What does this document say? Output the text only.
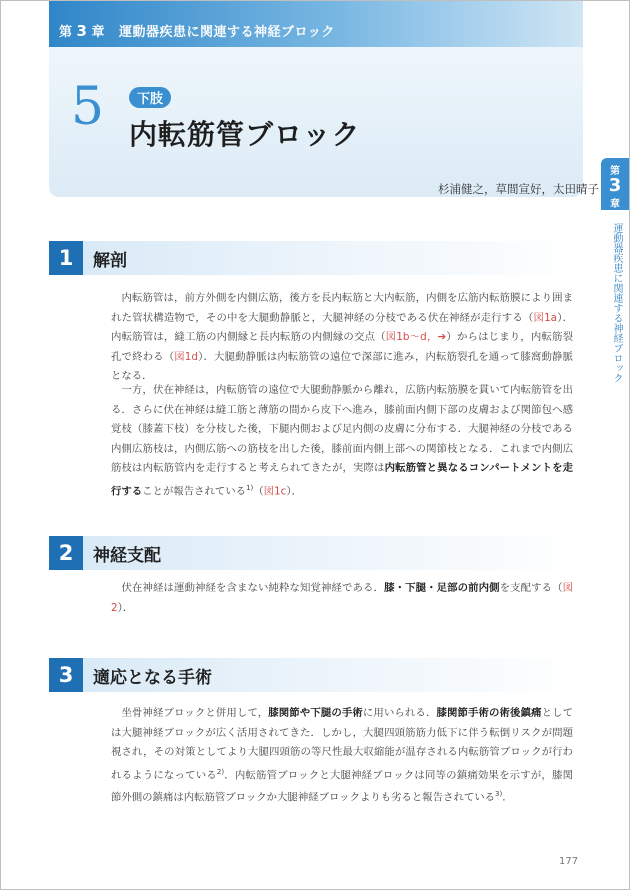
第 3 章 運動器疾患に関連する神経ブロック
5	下肢
内転筋管ブロック
杉浦健之，草間宣好，太田晴子
第
3
章
運動器疾患に関連する神経ブロック
1	解剖
内転筋管は，前方外側を内側広筋，後方を長内転筋と大内転筋，内側を広筋内転筋膜により囲まれた管状構造物で，その中を大腿動静脈と，大腿神経の分枝である伏在神経が走行する（図1a）．内転筋管は，縫工筋の内側縁と長内転筋の内側縁の交点（図1b～d，➔）からはじまり，内転筋裂孔で終わる（図1d）．大腿動静脈は内転筋管の遠位で深部に進み，内転筋裂孔を通って膝窩動静脈となる．
一方，伏在神経は，内転筋管の遠位で大腿動静脈から離れ，広筋内転筋膜を貫いて内転筋管を出る．さらに伏在神経は縫工筋と薄筋の間から皮下へ進み，膝前面内側下部の皮膚および関節包へ感覚枝（膝蓋下枝）を分枝した後，下腿内側および足内側の皮膚に分布する．大腿神経の分枝である内側広筋枝は，内側広筋への筋枝を出した後，膝前面内側上部への関節枝となる．これまで内側広筋枝は内転筋管内を走行すると考えられてきたが，実際は内転筋管と異なるコンパートメントを走行することが報告されている$^{1)}$（図1c）．
2	神経支配
伏在神経は運動神経を含まない純粋な知覚神経である．膝・下腿・足部の前内側を支配する（図2）．
3	適応となる手術
坐骨神経ブロックと併用して，膝関節や下腿の手術に用いられる．膝関節手術の術後鎮痛としては大腿神経ブロックが広く活用されてきた．しかし，大腿四頭筋筋力低下に伴う転倒リスクが問題視され，その対策としてより大腿四頭筋の等尺性最大収縮能が温存される内転筋管ブロックが行われるようになっている$^{2)}$．内転筋管ブロックと大腿神経ブロックは同等の鎮痛効果を示すが，膝関節外側の鎮痛は内転筋管ブロックか大腿神経ブロックよりも劣ると報告されている$^{3)}$．
177
